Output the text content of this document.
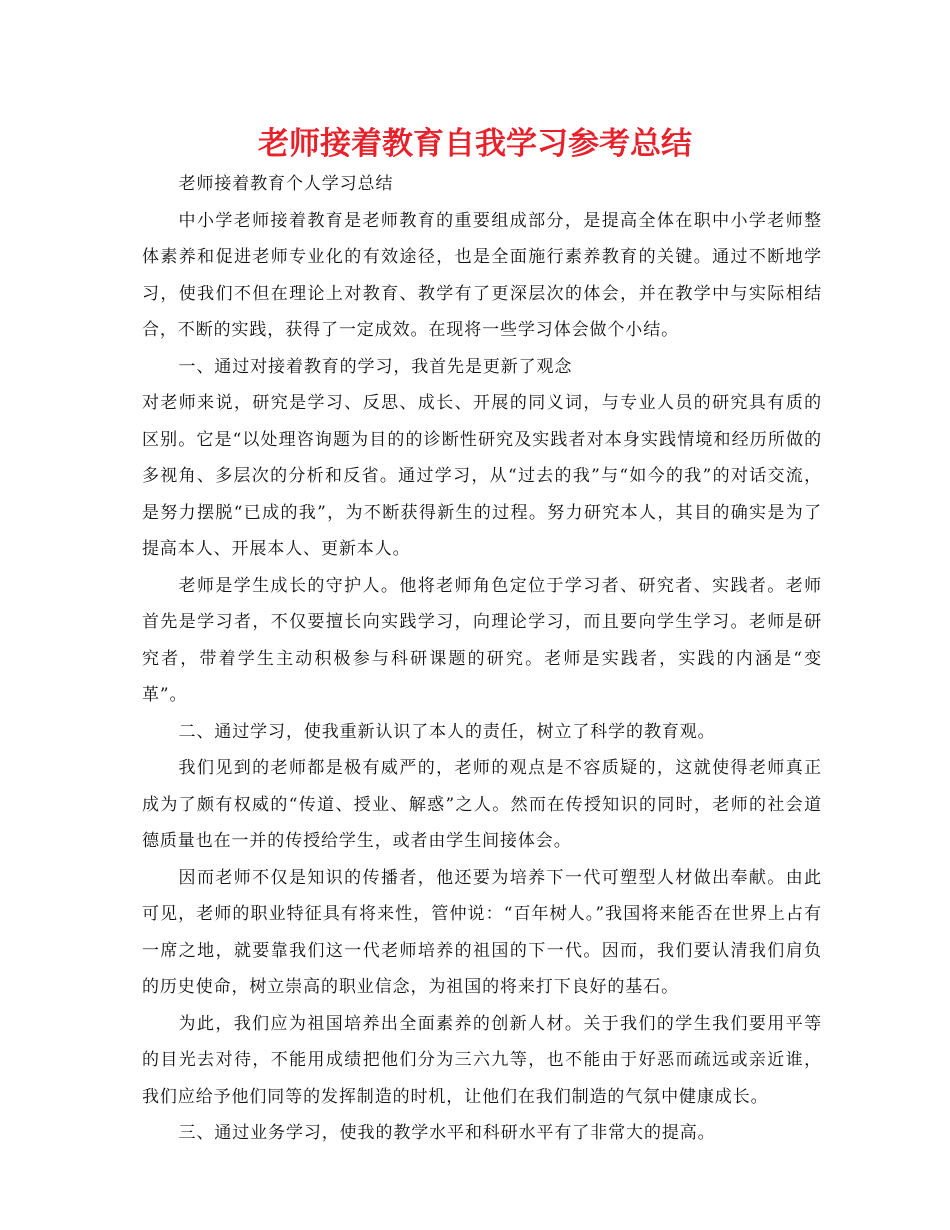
老师接着教育自我学习参考总结

老师接着教育个人学习总结

中小学老师接着教育是老师教育的重要组成部分，是提高全体在职中小学老师整体素养和促进老师专业化的有效途径，也是全面施行素养教育的关键。通过不断地学习，使我们不但在理论上对教育、教学有了更深层次的体会，并在教学中与实际相结合，不断的实践，获得了一定成效。在现将一些学习体会做个小结。

一、通过对接着教育的学习，我首先是更新了观念

对老师来说，研究是学习、反思、成长、开展的同义词，与专业人员的研究具有质的区别。它是“以处理咨询题为目的的诊断性研究及实践者对本身实践情境和经历所做的多视角、多层次的分析和反省。通过学习，从“过去的我”与“如今的我”的对话交流，是努力摆脱“已成的我”，为不断获得新生的过程。努力研究本人，其目的确实是为了提高本人、开展本人、更新本人。

老师是学生成长的守护人。他将老师角色定位于学习者、研究者、实践者。老师首先是学习者，不仅要擅长向实践学习，向理论学习，而且要向学生学习。老师是研究者，带着学生主动积极参与科研课题的研究。老师是实践者，实践的内涵是“变革”。

二、通过学习，使我重新认识了本人的责任，树立了科学的教育观。

我们见到的老师都是极有威严的，老师的观点是不容质疑的，这就使得老师真正成为了颇有权威的“传道、授业、解惑”之人。然而在传授知识的同时，老师的社会道德质量也在一并的传授给学生，或者由学生间接体会。

因而老师不仅是知识的传播者，他还要为培养下一代可塑型人材做出奉献。由此可见，老师的职业特征具有将来性，管仲说：“百年树人。”我国将来能否在世界上占有一席之地，就要靠我们这一代老师培养的祖国的下一代。因而，我们要认清我们肩负的历史使命，树立崇高的职业信念，为祖国的将来打下良好的基石。

为此，我们应为祖国培养出全面素养的创新人材。关于我们的学生我们要用平等的目光去对待，不能用成绩把他们分为三六九等，也不能由于好恶而疏远或亲近谁，我们应给予他们同等的发挥制造的时机，让他们在我们制造的气氛中健康成长。

三、通过业务学习，使我的教学水平和科研水平有了非常大的提高。
